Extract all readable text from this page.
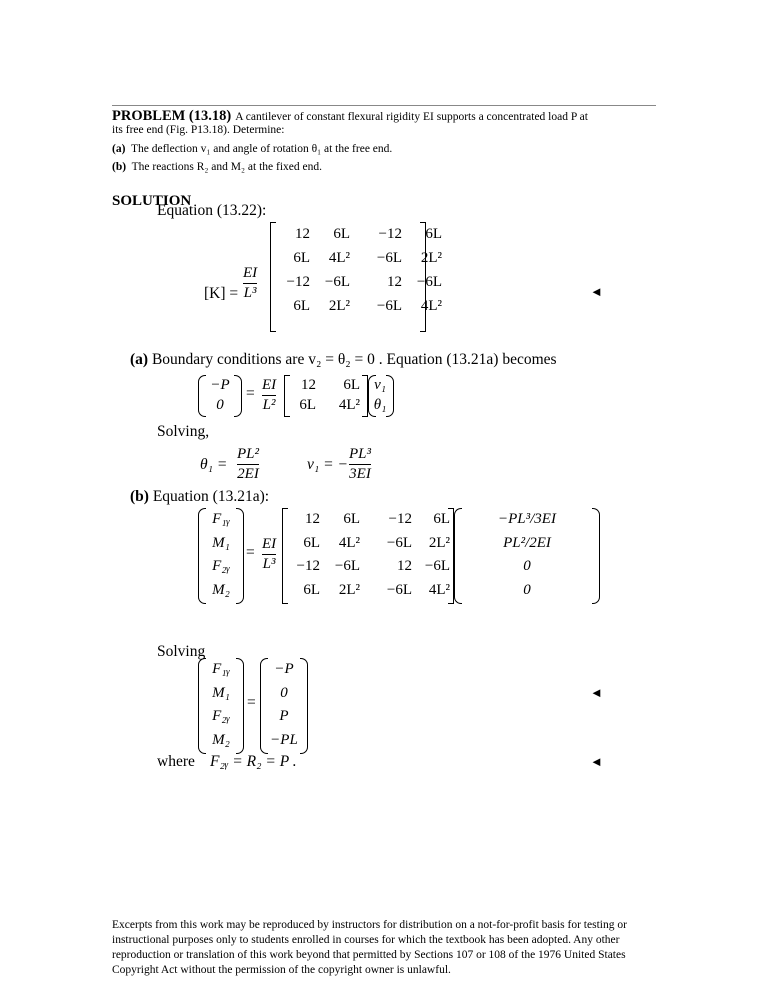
PROBLEM (13.18) A cantilever of constant flexural rigidity EI supports a concentrated load P at
its free end (Fig. P13.18). Determine:
(a) The deflection v₁ and angle of rotation θ₁ at the free end.
(b) The reactions R₂ and M₂ at the fixed end.
SOLUTION
Equation (13.22):
[K] =
EI
L³
12	6L	−12	6L
6L	4L²	−6L	2L²
−12 −6L	12 −6L
6L	2L²	−6L	4L²
◄
(a) Boundary conditions are v₂ = θ₂ = 0 . Equation (13.21a) becomes
−P
0
= EI
L²
12	6L
6L	4L²
v₁
θ₁
Solving,
θ₁ =
PL²
2EI
v₁ = −
PL³
3EI
(b) Equation (13.21a):
F₁ᵧ
M₁
F₂ᵧ
M₂
= EI
L³
12	6L	−12	6L
6L	4L²	−6L	2L²
−12 −6L	12 −6L
6L	2L²	−6L	4L²
−PL³/3EI
PL²/2EI
0
0
Solving
F₁ᵧ
M₁
F₂ᵧ
M₂
=
−P
0
P
−PL
◄
where F₂ᵧ = R₂ = P .	◄
Excerpts from this work may be reproduced by instructors for distribution on a not-for-profit basis for testing or instructional purposes only to students enrolled in courses for which the textbook has been adopted. Any other reproduction or translation of this work beyond that permitted by Sections 107 or 108 of the 1976 United States Copyright Act without the permission of the copyright owner is unlawful.
